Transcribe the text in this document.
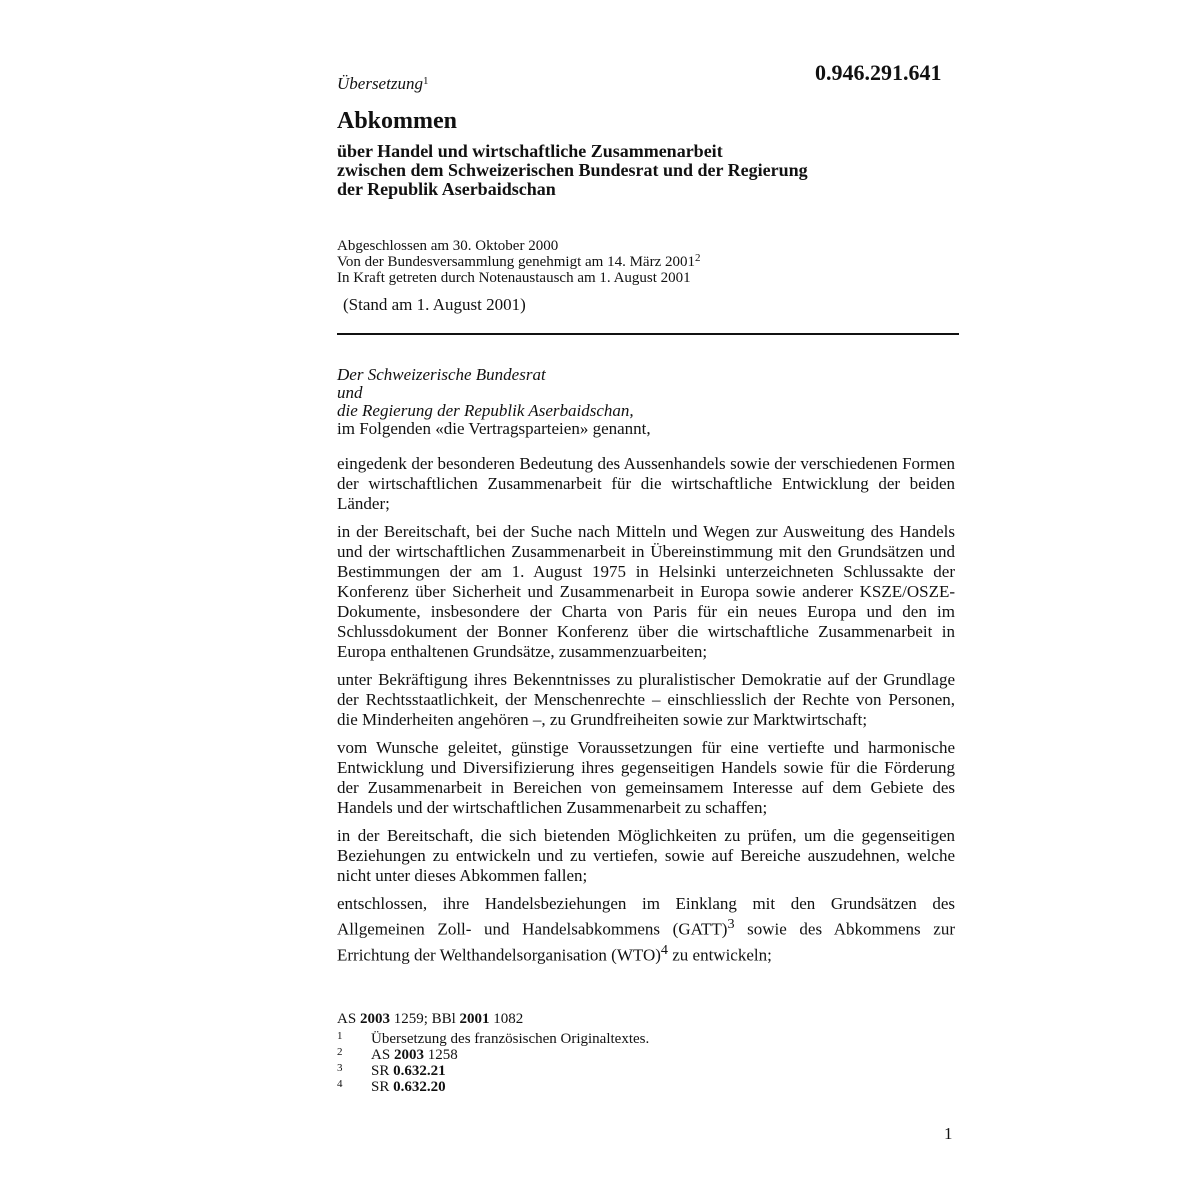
0.946.291.641
Übersetzung$^1$
Abkommen
über Handel und wirtschaftliche Zusammenarbeit
zwischen dem Schweizerischen Bundesrat und der Regierung
der Republik Aserbaidschan
Abgeschlossen am 30. Oktober 2000
Von der Bundesversammlung genehmigt am 14. März 2001$^2$
In Kraft getreten durch Notenaustausch am 1. August 2001
(Stand am 1. August 2001)
Der Schweizerische Bundesrat
und
die Regierung der Republik Aserbaidschan,
im Folgenden «die Vertragsparteien» genannt,

eingedenk der besonderen Bedeutung des Aussenhandels sowie der verschiedenen Formen der wirtschaftlichen Zusammenarbeit für die wirtschaftliche Entwicklung der beiden Länder;

in der Bereitschaft, bei der Suche nach Mitteln und Wegen zur Ausweitung des Handels und der wirtschaftlichen Zusammenarbeit in Übereinstimmung mit den Grundsätzen und Bestimmungen der am 1. August 1975 in Helsinki unterzeichneten Schlussakte der Konferenz über Sicherheit und Zusammenarbeit in Europa sowie anderer KSZE/OSZE-Dokumente, insbesondere der Charta von Paris für ein neues Europa und den im Schlussdokument der Bonner Konferenz über die wirtschaftliche Zusammenarbeit in Europa enthaltenen Grundsätze, zusammenzuarbeiten;

unter Bekräftigung ihres Bekenntnisses zu pluralistischer Demokratie auf der Grundlage der Rechtsstaatlichkeit, der Menschenrechte – einschliesslich der Rechte von Personen, die Minderheiten angehören –, zu Grundfreiheiten sowie zur Marktwirtschaft;

vom Wunsche geleitet, günstige Voraussetzungen für eine vertiefte und harmonische Entwicklung und Diversifizierung ihres gegenseitigen Handels sowie für die Förderung der Zusammenarbeit in Bereichen von gemeinsamem Interesse auf dem Gebiete des Handels und der wirtschaftlichen Zusammenarbeit zu schaffen;

in der Bereitschaft, die sich bietenden Möglichkeiten zu prüfen, um die gegenseitigen Beziehungen zu entwickeln und zu vertiefen, sowie auf Bereiche auszudehnen, welche nicht unter dieses Abkommen fallen;

entschlossen, ihre Handelsbeziehungen im Einklang mit den Grundsätzen des Allgemeinen Zoll- und Handelsabkommens (GATT)$^3$ sowie des Abkommens zur Errichtung der Welthandelsorganisation (WTO)$^4$ zu entwickeln;

AS 2003 1259; BBl 2001 1082
1 Übersetzung des französischen Originaltextes.
2 AS 2003 1258
3 SR 0.632.21
4 SR 0.632.20
1
